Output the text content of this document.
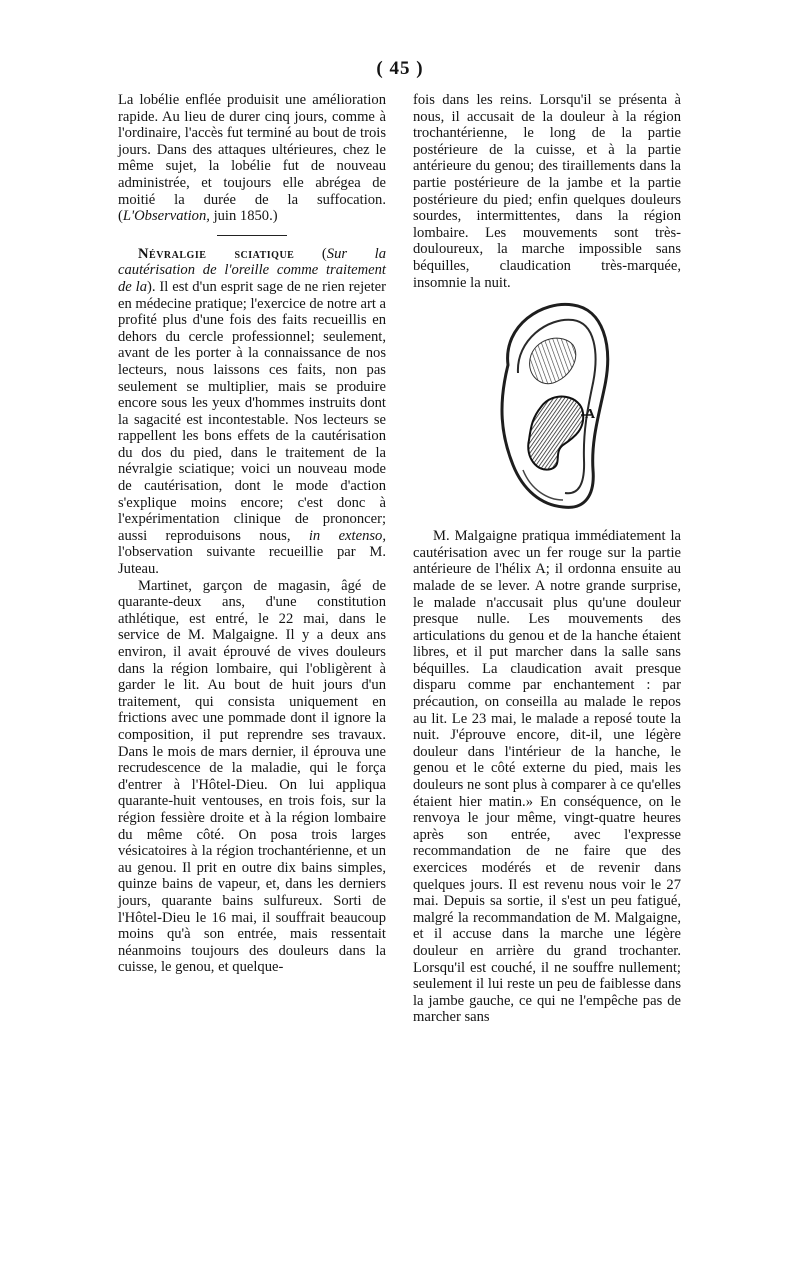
( 45 )

La lobélie enflée produisit une amélioration rapide. Au lieu de durer cinq jours, comme à l'ordinaire, l'accès fut terminé au bout de trois jours. Dans des attaques ultérieures, chez le même sujet, la lobélie fut de nouveau administrée, et toujours elle abrégea de moitié la durée de la suffocation. (L'Observation, juin 1850.)

Névralgie sciatique (Sur la cautérisation de l'oreille comme traitement de la). Il est d'un esprit sage de ne rien rejeter en médecine pratique; l'exercice de notre art a profité plus d'une fois des faits recueillis en dehors du cercle professionnel; seulement, avant de les porter à la connaissance de nos lecteurs, nous laissons ces faits, non pas seulement se multiplier, mais se produire encore sous les yeux d'hommes instruits dont la sagacité est incontestable. Nos lecteurs se rappellent les bons effets de la cautérisation du dos du pied, dans le traitement de la névralgie sciatique; voici un nouveau mode de cautérisation, dont le mode d'action s'explique moins encore; c'est donc à l'expérimentation clinique de prononcer; aussi reproduisons nous, in extenso, l'observation suivante recueillie par M. Juteau.

Martinet, garçon de magasin, âgé de quarante-deux ans, d'une constitution athlétique, est entré, le 22 mai, dans le service de M. Malgaigne. Il y a deux ans environ, il avait éprouvé de vives douleurs dans la région lombaire, qui l'obligèrent à garder le lit. Au bout de huit jours d'un traitement, qui consista uniquement en frictions avec une pommade dont il ignore la composition, il put reprendre ses travaux. Dans le mois de mars dernier, il éprouva une recrudescence de la maladie, qui le força d'entrer à l'Hôtel-Dieu. On lui appliqua quarante-huit ventouses, en trois fois, sur la région fessière droite et à la région lombaire du même côté. On posa trois larges vésicatoires à la région trochantérienne, et un au genou. Il prit en outre dix bains simples, quinze bains de vapeur, et, dans les derniers jours, quarante bains sulfureux. Sorti de l'Hôtel-Dieu le 16 mai, il souffrait beaucoup moins qu'à son entrée, mais ressentait néanmoins toujours des douleurs dans la cuisse, le genou, et quelque-

fois dans les reins. Lorsqu'il se présenta à nous, il accusait de la douleur à la région trochantérienne, le long de la partie postérieure de la cuisse, et à la partie antérieure du genou; des tiraillements dans la partie postérieure de la jambe et la partie postérieure du pied; enfin quelques douleurs sourdes, intermittentes, dans la région lombaire. Les mouvements sont très-douloureux, la marche impossible sans béquilles, claudication très-marquée, insomnie la nuit.

A

M. Malgaigne pratiqua immédiatement la cautérisation avec un fer rouge sur la partie antérieure de l'hélix A; il ordonna ensuite au malade de se lever. A notre grande surprise, le malade n'accusait plus qu'une douleur presque nulle. Les mouvements des articulations du genou et de la hanche étaient libres, et il put marcher dans la salle sans béquilles. La claudication avait presque disparu comme par enchantement : par précaution, on conseilla au malade le repos au lit. Le 23 mai, le malade a reposé toute la nuit. J'éprouve encore, dit-il, une légère douleur dans l'intérieur de la hanche, le genou et le côté externe du pied, mais les douleurs ne sont plus à comparer à ce qu'elles étaient hier matin.» En conséquence, on le renvoya le jour même, vingt-quatre heures après son entrée, avec l'expresse recommandation de ne faire que des exercices modérés et de revenir dans quelques jours. Il est revenu nous voir le 27 mai. Depuis sa sortie, il s'est un peu fatigué, malgré la recommandation de M. Malgaigne, et il accuse dans la marche une légère douleur en arrière du grand trochanter. Lorsqu'il est couché, il ne souffre nullement; seulement il lui reste un peu de faiblesse dans la jambe gauche, ce qui ne l'empêche pas de marcher sans
